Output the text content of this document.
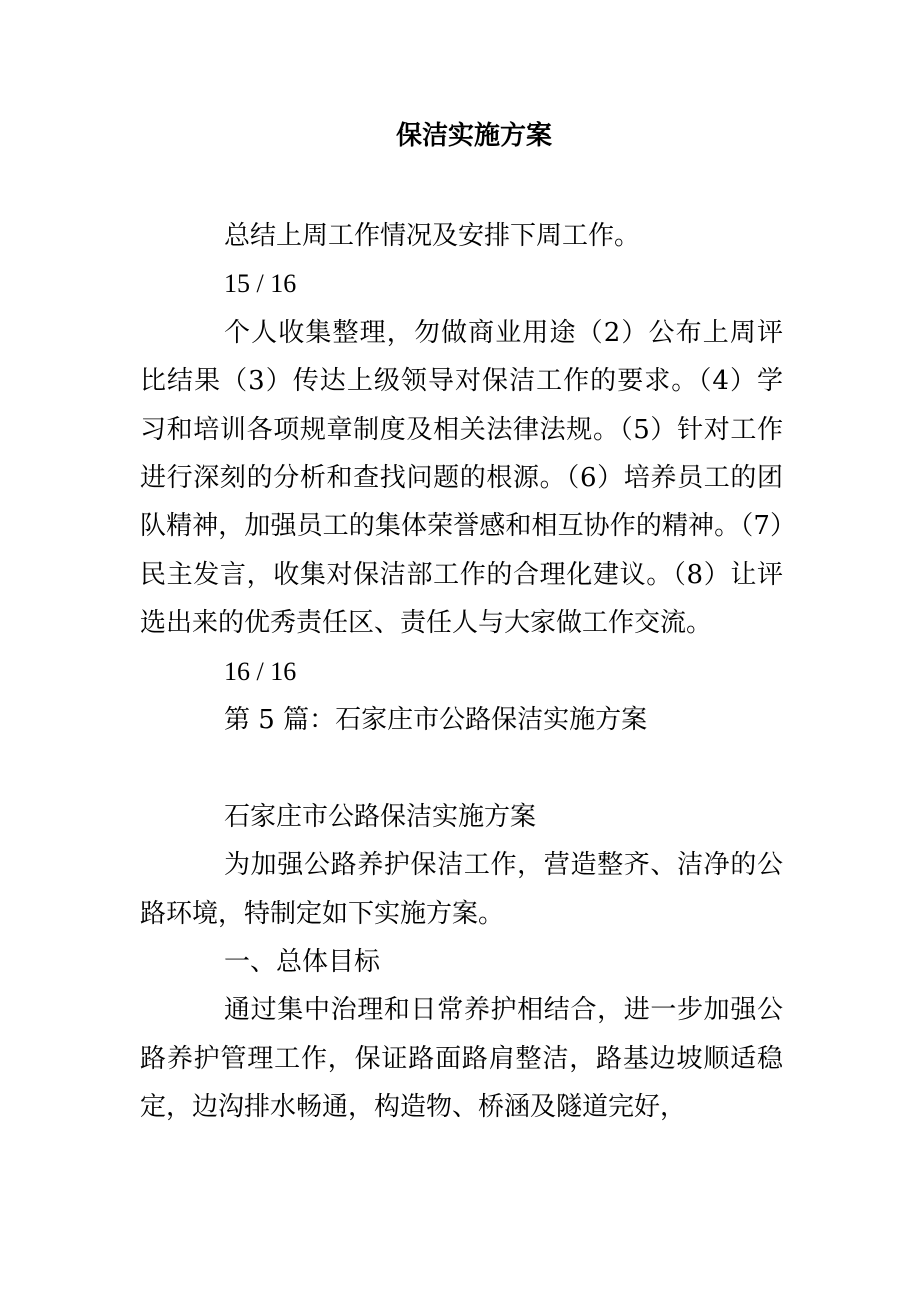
保洁实施方案

总结上周工作情况及安排下周工作。

15 / 16

个人收集整理，勿做商业用途（2）公布上周评比结果（3）传达上级领导对保洁工作的要求。（4）学习和培训各项规章制度及相关法律法规。（5）针对工作进行深刻的分析和查找问题的根源。（6）培养员工的团队精神，加强员工的集体荣誉感和相互协作的精神。（7）民主发言，收集对保洁部工作的合理化建议。（8）让评选出来的优秀责任区、责任人与大家做工作交流。

16 / 16

第 5 篇：石家庄市公路保洁实施方案

石家庄市公路保洁实施方案

为加强公路养护保洁工作，营造整齐、洁净的公路环境，特制定如下实施方案。

一、总体目标

通过集中治理和日常养护相结合，进一步加强公路养护管理工作，保证路面路肩整洁，路基边坡顺适稳定，边沟排水畅通，构造物、桥涵及隧道完好，
